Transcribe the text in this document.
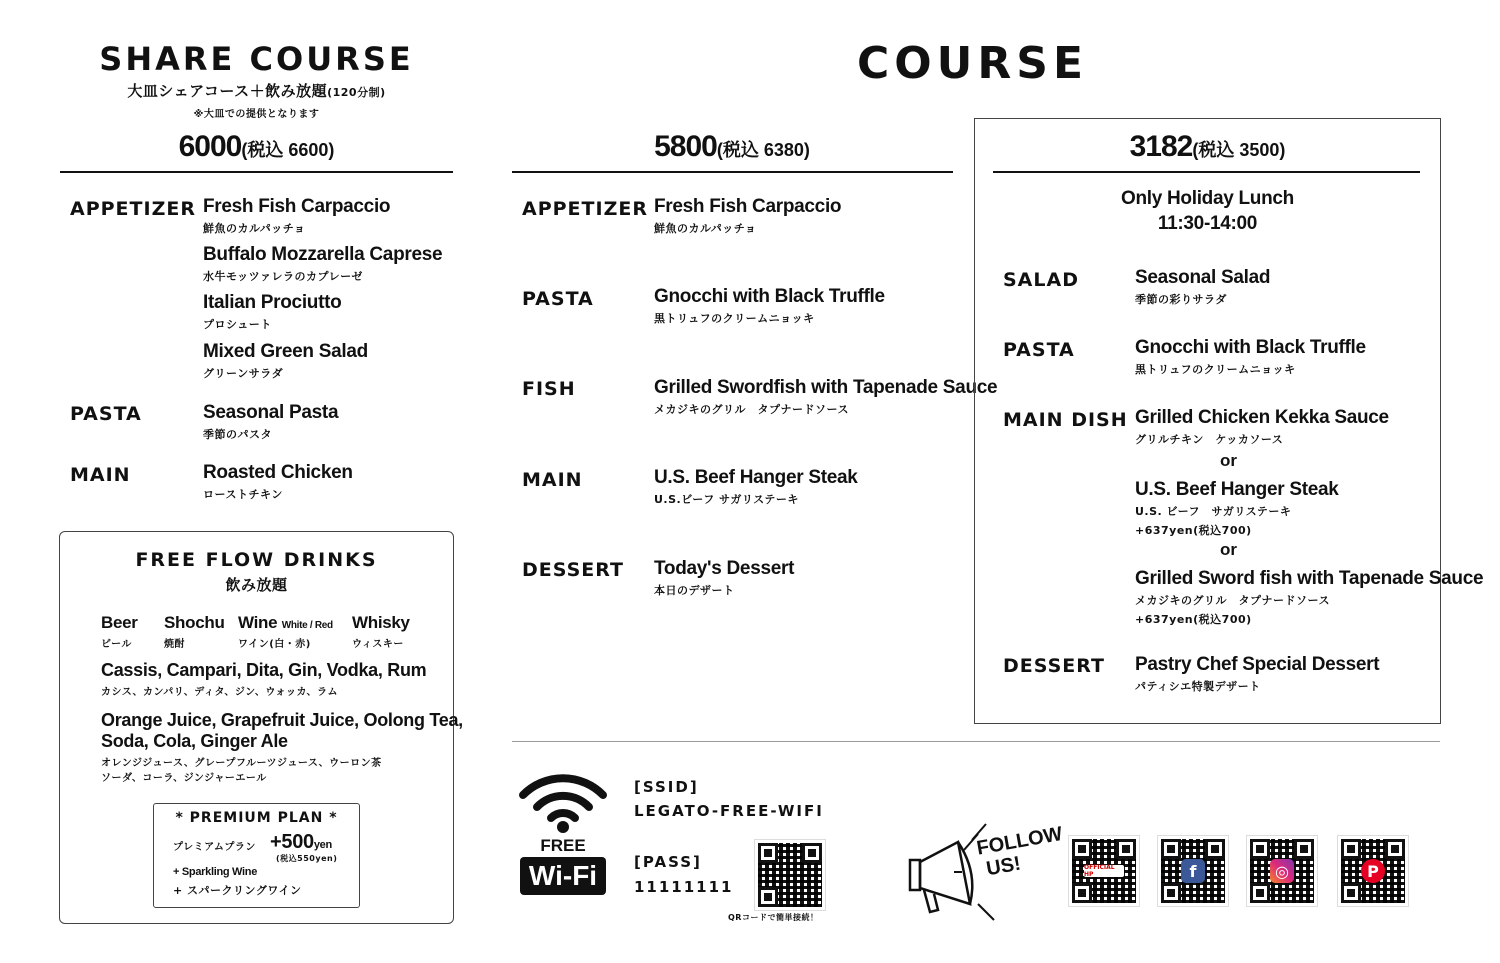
SHARE COURSE
大皿シェアコース＋飲み放題(120分制)
※大皿での提供となります
6000(税込 6600)
APPETIZER Fresh Fish Carpaccio
鮮魚のカルパッチョ
Buffalo Mozzarella Caprese
水牛モッツァレラのカプレーゼ
Italian Prociutto
プロシュート
Mixed Green Salad
グリーンサラダ
PASTA	Seasonal Pasta
季節のパスタ
MAIN	Roasted Chicken
ローストチキン
FREE FLOW DRINKS
飲み放題
Beer
ビール
Shochu
焼酎
Wine White / Red
ワイン(白・赤)
Whisky
ウィスキー
Cassis, Campari, Dita, Gin, Vodka, Rum
カシス、カンパリ、ディタ、ジン、ウォッカ、ラム
Orange Juice, Grapefruit Juice, Oolong Tea,
Soda, Cola, Ginger Ale
オレンジジュース、グレープフルーツジュース、ウーロン茶
ソーダ、コーラ、ジンジャーエール
* PREMIUM PLAN *
プレミアムプラン +500yen
(税込550yen)
+ Sparkling Wine
+ スパークリングワイン
COURSE
5800(税込 6380)
APPETIZER Fresh Fish Carpaccio
鮮魚のカルパッチョ
PASTA	Gnocchi with Black Truffle
黒トリュフのクリームニョッキ
FISH	Grilled Swordfish with Tapenade Sauce
メカジキのグリル　タプナードソース
MAIN	U.S. Beef Hanger Steak
U.S.ビーフ サガリステーキ
DESSERT Today's Dessert
本日のデザート
3182(税込 3500)
Only Holiday Lunch
11:30-14:00
SALAD	Seasonal Salad
季節の彩りサラダ
PASTA	Gnocchi with Black Truffle
黒トリュフのクリームニョッキ
MAIN DISH Grilled Chicken Kekka Sauce
グリルチキン　ケッカソース
or
U.S. Beef Hanger Steak
U.S. ビーフ　サガリステーキ
+637yen(税込700)
or
Grilled Sword fish with Tapenade Sauce
メカジキのグリル　タプナードソース
+637yen(税込700)
DESSERT Pastry Chef Special Dessert
パティシエ特製デザート
FREE
Wi-Fi
[SSID]
LEGATO-FREE-WIFI
[PASS]
11111111
QRコードで簡単接続！
FOLLOW
US!	OFFICIAL HP	f	◎	P
